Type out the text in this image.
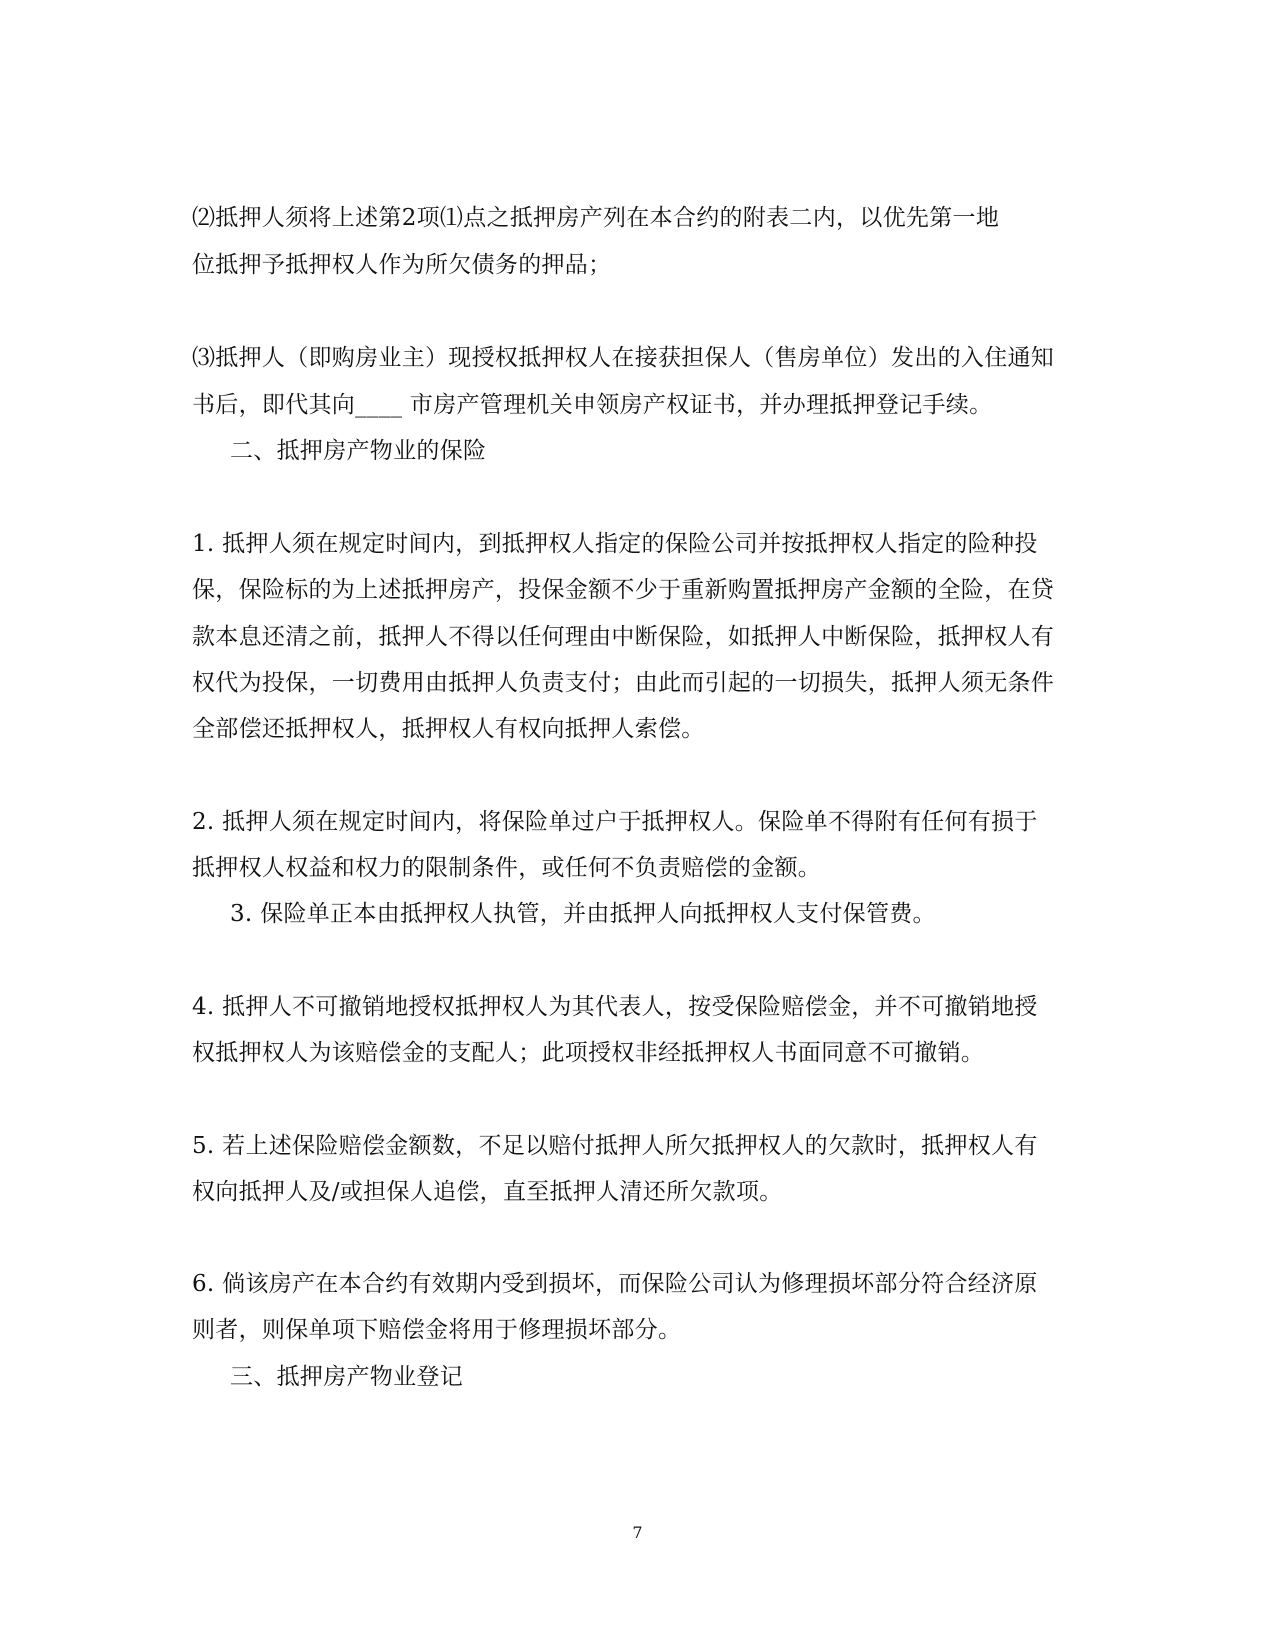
⑵抵押人须将上述第2项⑴点之抵押房产列在本合约的附表二内，以优先第一地
位抵押予抵押权人作为所欠债务的押品；
⑶抵押人（即购房业主）现授权抵押权人在接获担保人（售房单位）发出的入住通知
书后，即代其向____ 市房产管理机关申领房产权证书，并办理抵押登记手续。
二、抵押房产物业的保险
1. 抵押人须在规定时间内，到抵押权人指定的保险公司并按抵押权人指定的险种投
保，保险标的为上述抵押房产，投保金额不少于重新购置抵押房产金额的全险，在贷
款本息还清之前，抵押人不得以任何理由中断保险，如抵押人中断保险，抵押权人有
权代为投保，一切费用由抵押人负责支付；由此而引起的一切损失，抵押人须无条件
全部偿还抵押权人，抵押权人有权向抵押人索偿。
2. 抵押人须在规定时间内，将保险单过户于抵押权人。保险单不得附有任何有损于
抵押权人权益和权力的限制条件，或任何不负责赔偿的金额。
3. 保险单正本由抵押权人执管，并由抵押人向抵押权人支付保管费。
4. 抵押人不可撤销地授权抵押权人为其代表人，按受保险赔偿金，并不可撤销地授
权抵押权人为该赔偿金的支配人；此项授权非经抵押权人书面同意不可撤销。
5. 若上述保险赔偿金额数，不足以赔付抵押人所欠抵押权人的欠款时，抵押权人有
权向抵押人及/或担保人追偿，直至抵押人清还所欠款项。
6. 倘该房产在本合约有效期内受到损坏，而保险公司认为修理损坏部分符合经济原
则者，则保单项下赔偿金将用于修理损坏部分。
三、抵押房产物业登记
7
